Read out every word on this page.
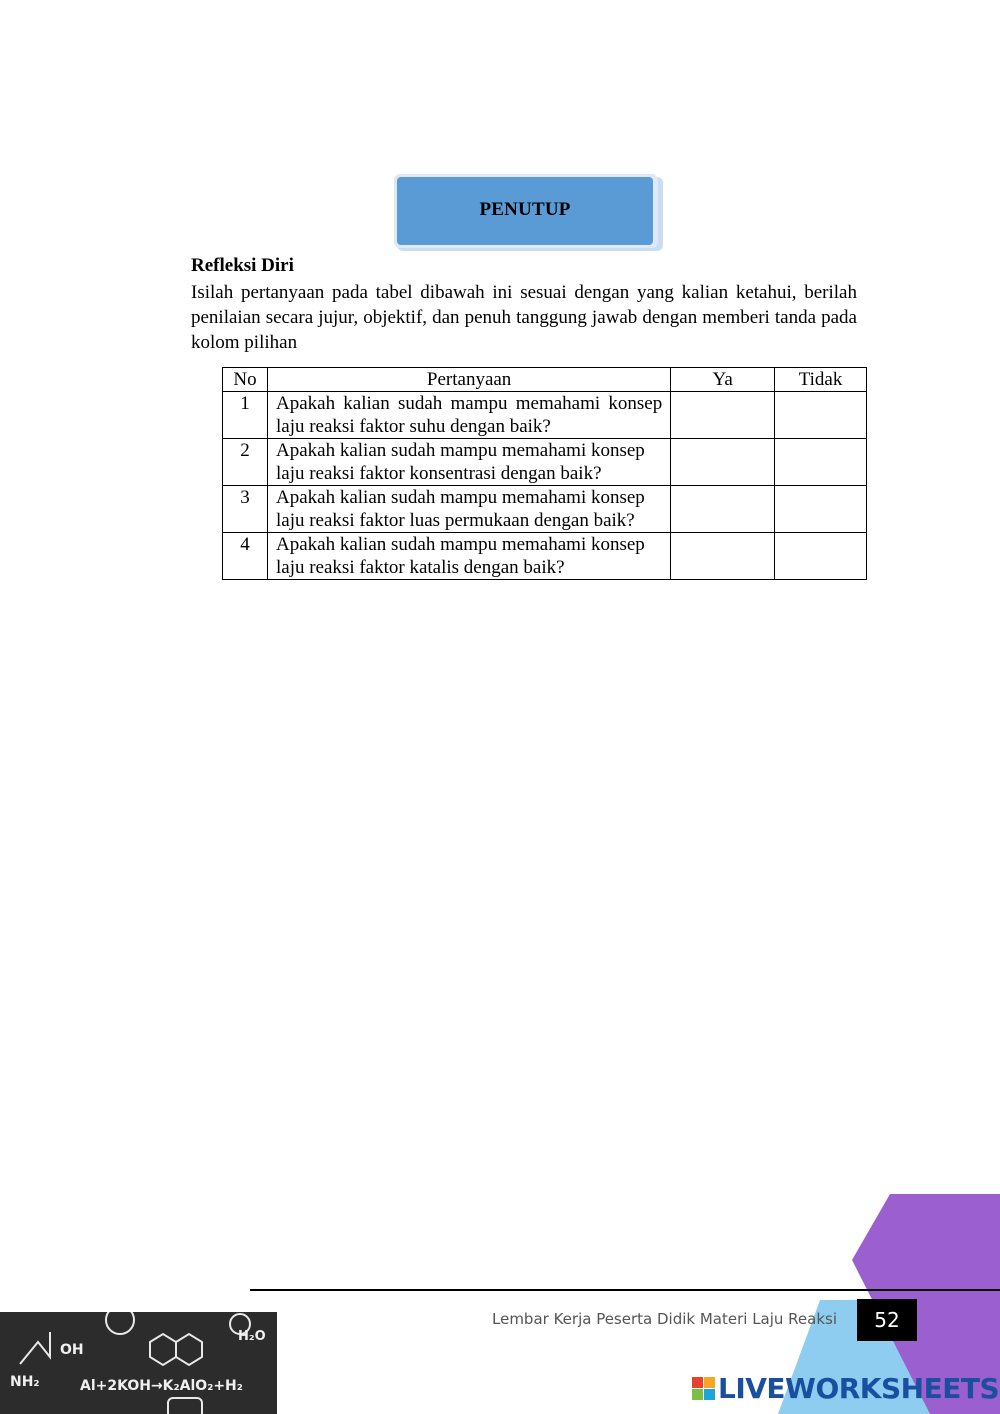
PENUTUP
Refleksi Diri
Isilah pertanyaan pada tabel dibawah ini sesuai dengan yang kalian ketahui, berilah penilaian secara jujur, objektif, dan penuh tanggung jawab dengan memberi tanda pada kolom pilihan
No	Pertanyaan	Ya	Tidak
1	Apakah kalian sudah mampu memahami konsep laju reaksi faktor suhu dengan baik?		
2	Apakah kalian sudah mampu memahami konsep laju reaksi faktor konsentrasi dengan baik?		
3	Apakah kalian sudah mampu memahami konsep laju reaksi faktor luas permukaan dengan baik?		
4	Apakah kalian sudah mampu memahami konsep laju reaksi faktor katalis dengan baik?		
Lembar Kerja Peserta Didik Materi Laju Reaksi	52
NH₂
OH
Al+2KOH→K₂AlO₂+H₂
H₂O
LIVEWORKSHEETS
